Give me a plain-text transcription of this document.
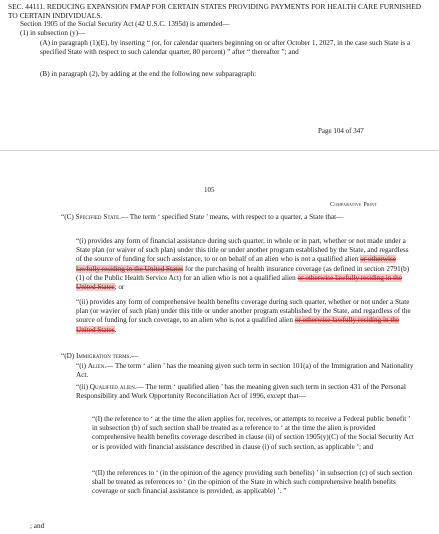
SEC. 44111. REDUCING EXPANSION FMAP FOR CERTAIN STATES PROVIDING PAYMENTS FOR HEALTH CARE FURNISHED TO CERTAIN INDIVIDUALS.
Section 1905 of the Social Security Act (42 U.S.C. 1395d) is amended—
(1) in subsection (y)—
(A) in paragraph (1)(E), by inserting “ (or, for calendar quarters beginning on or after October 1, 2027, in the case such State is a specified State with respect to such calendar quarter, 80 percent) ” after “ thereafter ”; and
(B) in paragraph (2), by adding at the end the following new subparagraph:
Page 104 of 347
105
Comparative Print
“(C) Specified State.— The term ‘ specified State ’ means, with respect to a quarter, a State that—
“(i) provides any form of financial assistance during such quarter, in whole or in part, whether or not made under a State plan (or waiver of such plan) under this title or under another program established by the State, and regardless of the source of funding for such assistance, to or on behalf of an alien who is not a qualified alien or otherwise lawfully residing in the United States for the purchasing of health insurance coverage (as defined in section 2791(b)(1) of the Public Health Service Act) for an alien who is not a qualified alien or otherwise lawfully residing in the United States; or
“(ii) provides any form of comprehensive health benefits coverage during such quarter, whether or not under a State plan (or wavier of such plan) under this title or under another program established by the State, and regardless of the source of funding for such coverage, to an alien who is not a qualified alien or otherwise lawfully residing in the United States.
“(D) Immigration terms.—
“(i) Alien.— The term ‘ alien ’ has the meaning given such term in section 101(a) of the Immigration and Nationality Act.
“(ii) Qualified alien.— The term ‘ qualified alien ’ has the meaning given such term in section 431 of the Personal Responsibility and Work Opportunity Reconciliation Act of 1996, except that—
“(I) the reference to ‘ at the time the alien applies for, receives, or attempts to receive a Federal public benefit ’ in subsection (b) of such section shall be treated as a reference to ‘ at the time the alien is provided comprehensive health benefits coverage described in clause (ii) of section 1905(y)(C) of the Social Security Act or is provided with financial assistance described in clause (i) of such section, as applicable ’; and
“(II) the references to ‘ (in the opinion of the agency providing such benefits) ’ in subsection (c) of such section shall be treated as references to ‘ (in the opinion of the State in which such comprehensive health benefits coverage or such financial assistance is provided, as applicable) ’. ”
; and
